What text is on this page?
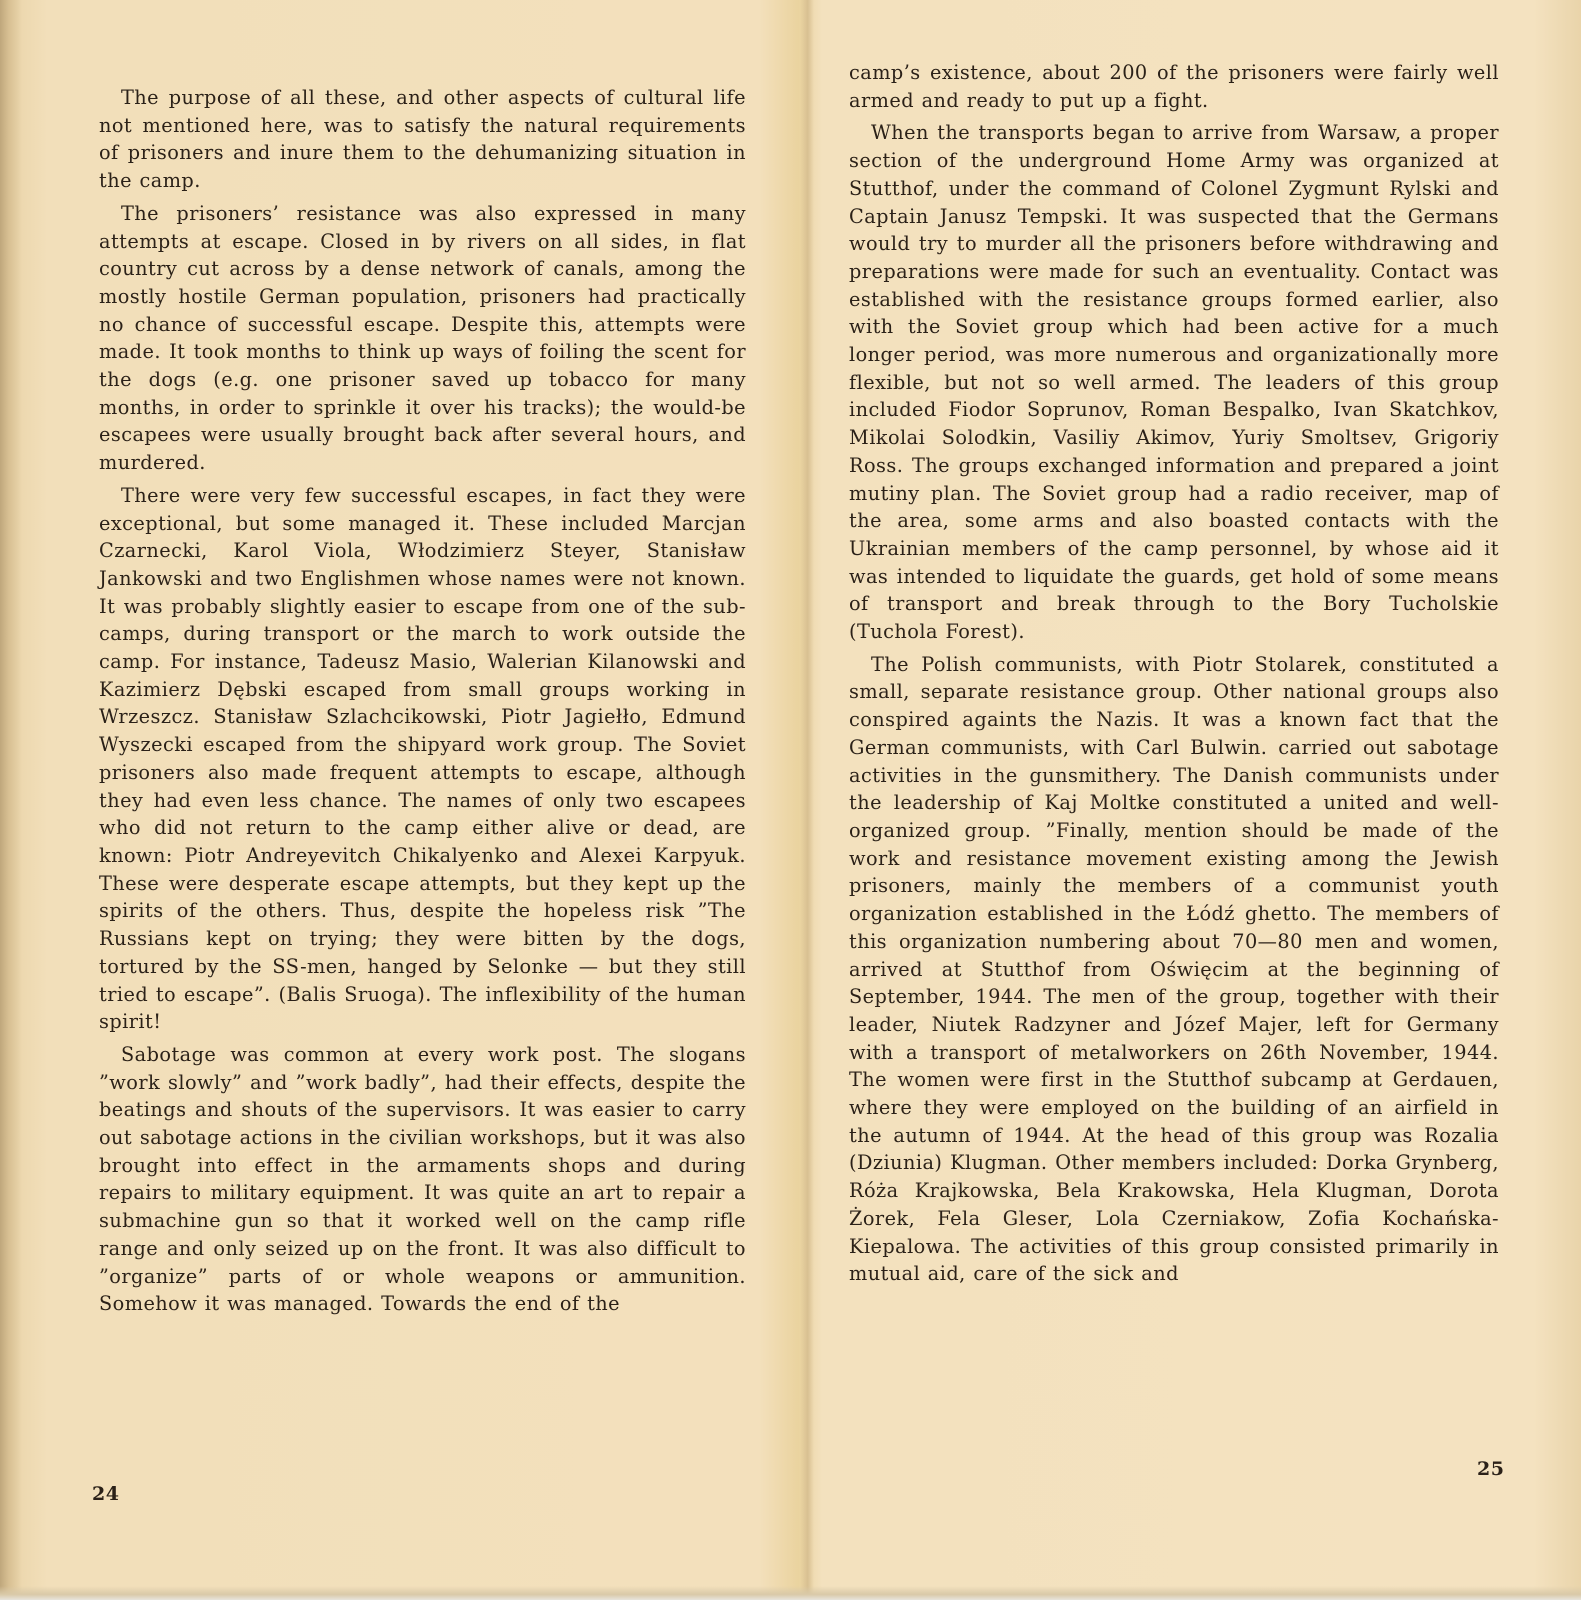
The purpose of all these, and other aspects of cultural life not mentioned here, was to satisfy the natural requirements of prisoners and inure them to the dehumanizing situation in the camp.

The prisoners’ resistance was also expressed in many attempts at escape. Closed in by rivers on all sides, in flat country cut across by a dense network of canals, among the mostly hostile German population, prisoners had practically no chance of successful escape. Despite this, attempts were made. It took months to think up ways of foiling the scent for the dogs (e.g. one prisoner saved up tobacco for many months, in order to sprinkle it over his tracks); the would-be escapees were usually brought back after several hours, and murdered.

There were very few successful escapes, in fact they were exceptional, but some managed it. These included Marcjan Czarnecki, Karol Viola, Włodzimierz Steyer, Stanisław Jankowski and two Englishmen whose names were not known. It was probably slightly easier to escape from one of the sub-camps, during transport or the march to work outside the camp. For instance, Tadeusz Masio, Walerian Kilanowski and Kazimierz Dębski escaped from small groups working in Wrzeszcz. Stanisław Szlachcikowski, Piotr Jagiełło, Edmund Wyszecki escaped from the shipyard work group. The Soviet prisoners also made frequent attempts to escape, although they had even less chance. The names of only two escapees who did not return to the camp either alive or dead, are known: Piotr Andreyevitch Chikalyenko and Alexei Karpyuk. These were desperate escape attempts, but they kept up the spirits of the others. Thus, despite the hopeless risk ”The Russians kept on trying; they were bitten by the dogs, tortured by the SS-men, hanged by Selonke — but they still tried to escape”. (Balis Sruoga). The inflexibility of the human spirit!

Sabotage was common at every work post. The slogans ”work slowly” and ”work badly”, had their effects, despite the beatings and shouts of the supervisors. It was easier to carry out sabotage actions in the civilian workshops, but it was also brought into effect in the armaments shops and during repairs to military equipment. It was quite an art to repair a submachine gun so that it worked well on the camp rifle range and only seized up on the front. It was also difficult to ”organize” parts of or whole weapons or ammunition. Somehow it was managed. Towards the end of the

24

camp’s existence, about 200 of the prisoners were fairly well armed and ready to put up a fight.

When the transports began to arrive from Warsaw, a proper section of the underground Home Army was organized at Stutthof, under the command of Colonel Zygmunt Rylski and Captain Janusz Tempski. It was suspected that the Germans would try to murder all the prisoners before withdrawing and preparations were made for such an eventuality. Contact was established with the resistance groups formed earlier, also with the Soviet group which had been active for a much longer period, was more numerous and organizationally more flexible, but not so well armed. The leaders of this group included Fiodor Soprunov, Roman Bespalko, Ivan Skatchkov, Mikolai Solodkin, Vasiliy Akimov, Yuriy Smoltsev, Grigoriy Ross. The groups exchanged information and prepared a joint mutiny plan. The Soviet group had a radio receiver, map of the area, some arms and also boasted contacts with the Ukrainian members of the camp personnel, by whose aid it was intended to liquidate the guards, get hold of some means of transport and break through to the Bory Tucholskie (Tuchola Forest).

The Polish communists, with Piotr Stolarek, constituted a small, separate resistance group. Other national groups also conspired againts the Nazis. It was a known fact that the German communists, with Carl Bulwin. carried out sabotage activities in the gunsmithery. The Danish communists under the leadership of Kaj Moltke constituted a united and well-organized group. ”Finally, mention should be made of the work and resistance movement existing among the Jewish prisoners, mainly the members of a communist youth organization established in the Łódź ghetto. The members of this organization numbering about 70—80 men and women, arrived at Stutthof from Oświęcim at the beginning of September, 1944. The men of the group, together with their leader, Niutek Radzyner and Józef Majer, left for Germany with a transport of metalworkers on 26th November, 1944. The women were first in the Stutthof subcamp at Gerdauen, where they were employed on the building of an airfield in the autumn of 1944. At the head of this group was Rozalia (Dziunia) Klugman. Other members included: Dorka Grynberg, Róża Krajkowska, Bela Krakowska, Hela Klugman, Dorota Żorek, Fela Gleser, Lola Czerniakow, Zofia Kochańska-Kiepalowa. The activities of this group consisted primarily in mutual aid, care of the sick and

25
